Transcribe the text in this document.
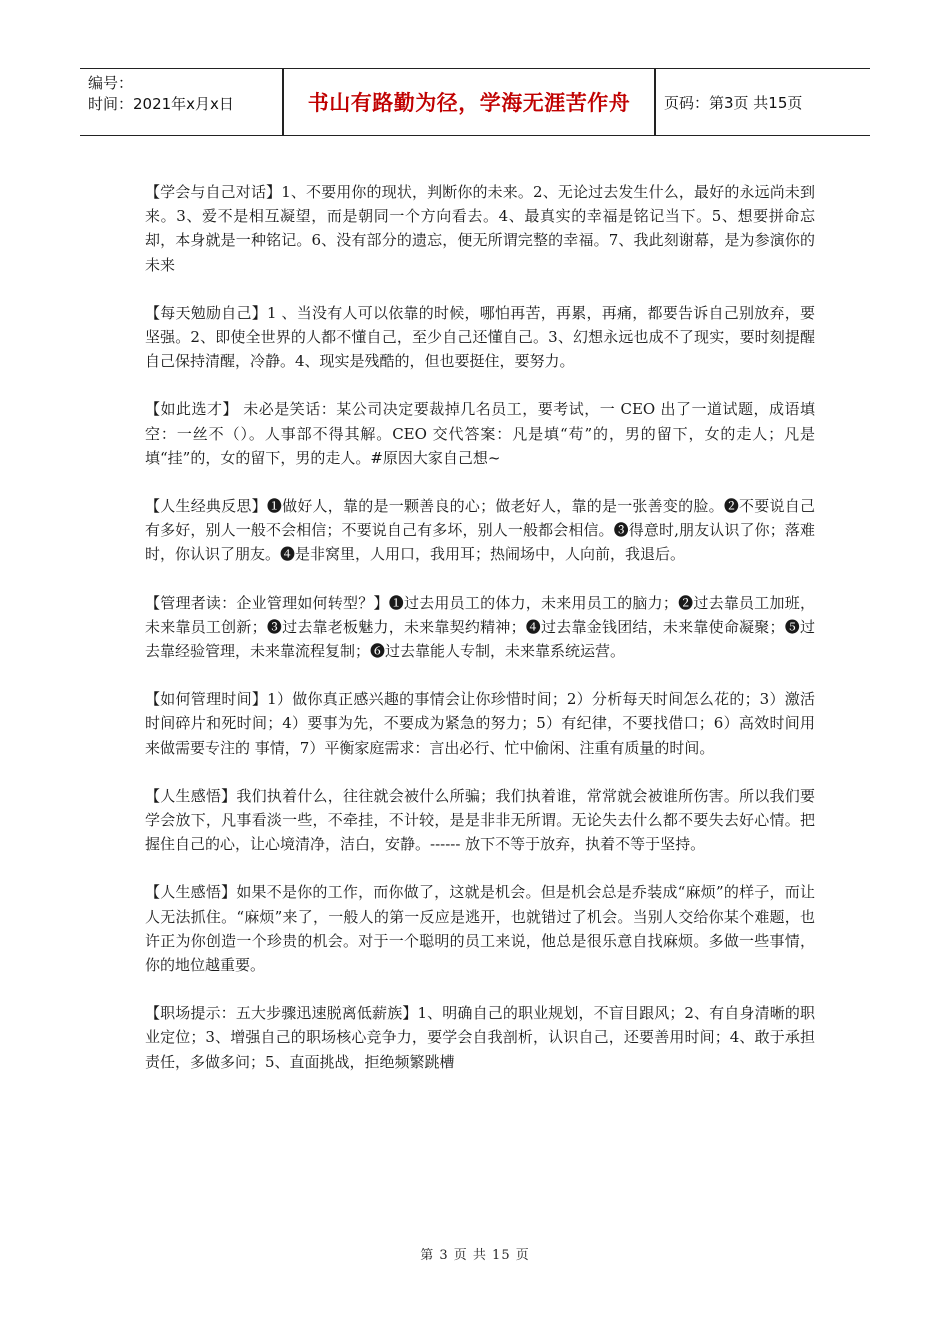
编号：
时间：2021年x月x日	书山有路勤为径，学海无涯苦作舟	页码：第3页 共15页

【学会与自己对话】1、不要用你的现状，判断你的未来。2、无论过去发生什么，最好的永远尚未到来。3、爱不是相互凝望，而是朝同一个方向看去。4、最真实的幸福是铭记当下。5、想要拼命忘却，本身就是一种铭记。6、没有部分的遗忘，便无所谓完整的幸福。7、我此刻谢幕，是为参演你的未来

【每天勉励自己】1 、当没有人可以依靠的时候，哪怕再苦，再累，再痛，都要告诉自己别放弃，要坚强。2、即使全世界的人都不懂自己，至少自己还懂自己。3、幻想永远也成不了现实，要时刻提醒自己保持清醒，冷静。4、现实是残酷的，但也要挺住，要努力。

【如此选才】 未必是笑话：某公司决定要裁掉几名员工，要考试，一 CEO 出了一道试题，成语填空：一丝不（）。人事部不得其解。CEO 交代答案：凡是填“苟”的，男的留下，女的走人；凡是填“挂”的，女的留下，男的走人。#原因大家自己想~

【人生经典反思】❶做好人，靠的是一颗善良的心；做老好人，靠的是一张善变的脸。❷不要说自己有多好，别人一般不会相信；不要说自己有多坏，别人一般都会相信。❸得意时,朋友认识了你；落难时，你认识了朋友。❹是非窝里，人用口，我用耳；热闹场中，人向前，我退后。

【管理者读：企业管理如何转型？】❶过去用员工的体力，未来用员工的脑力；❷过去靠员工加班，未来靠员工创新；❸过去靠老板魅力，未来靠契约精神；❹过去靠金钱团结，未来靠使命凝聚；❺过去靠经验管理，未来靠流程复制；❻过去靠能人专制，未来靠系统运营。

【如何管理时间】1）做你真正感兴趣的事情会让你珍惜时间；2）分析每天时间怎么花的；3）激活时间碎片和死时间；4）要事为先，不要成为紧急的努力；5）有纪律，不要找借口；6）高效时间用来做需要专注的 事情，7）平衡家庭需求：言出必行、忙中偷闲、注重有质量的时间。

【人生感悟】我们执着什么，往往就会被什么所骗；我们执着谁，常常就会被谁所伤害。所以我们要学会放下，凡事看淡一些，不牵挂，不计较，是是非非无所谓。无论失去什么都不要失去好心情。把握住自己的心，让心境清净，洁白，安静。------ 放下不等于放弃，执着不等于坚持。

【人生感悟】如果不是你的工作，而你做了，这就是机会。但是机会总是乔装成“麻烦”的样子，而让人无法抓住。“麻烦”来了，一般人的第一反应是逃开，也就错过了机会。当别人交给你某个难题，也许正为你创造一个珍贵的机会。对于一个聪明的员工来说，他总是很乐意自找麻烦。多做一些事情，你的地位越重要。

【职场提示：五大步骤迅速脱离低薪族】1、明确自己的职业规划，不盲目跟风；2、有自身清晰的职业定位；3、增强自己的职场核心竞争力，要学会自我剖析，认识自己，还要善用时间；4、敢于承担责任，多做多问；5、直面挑战，拒绝频繁跳槽

第 3 页 共 15 页
